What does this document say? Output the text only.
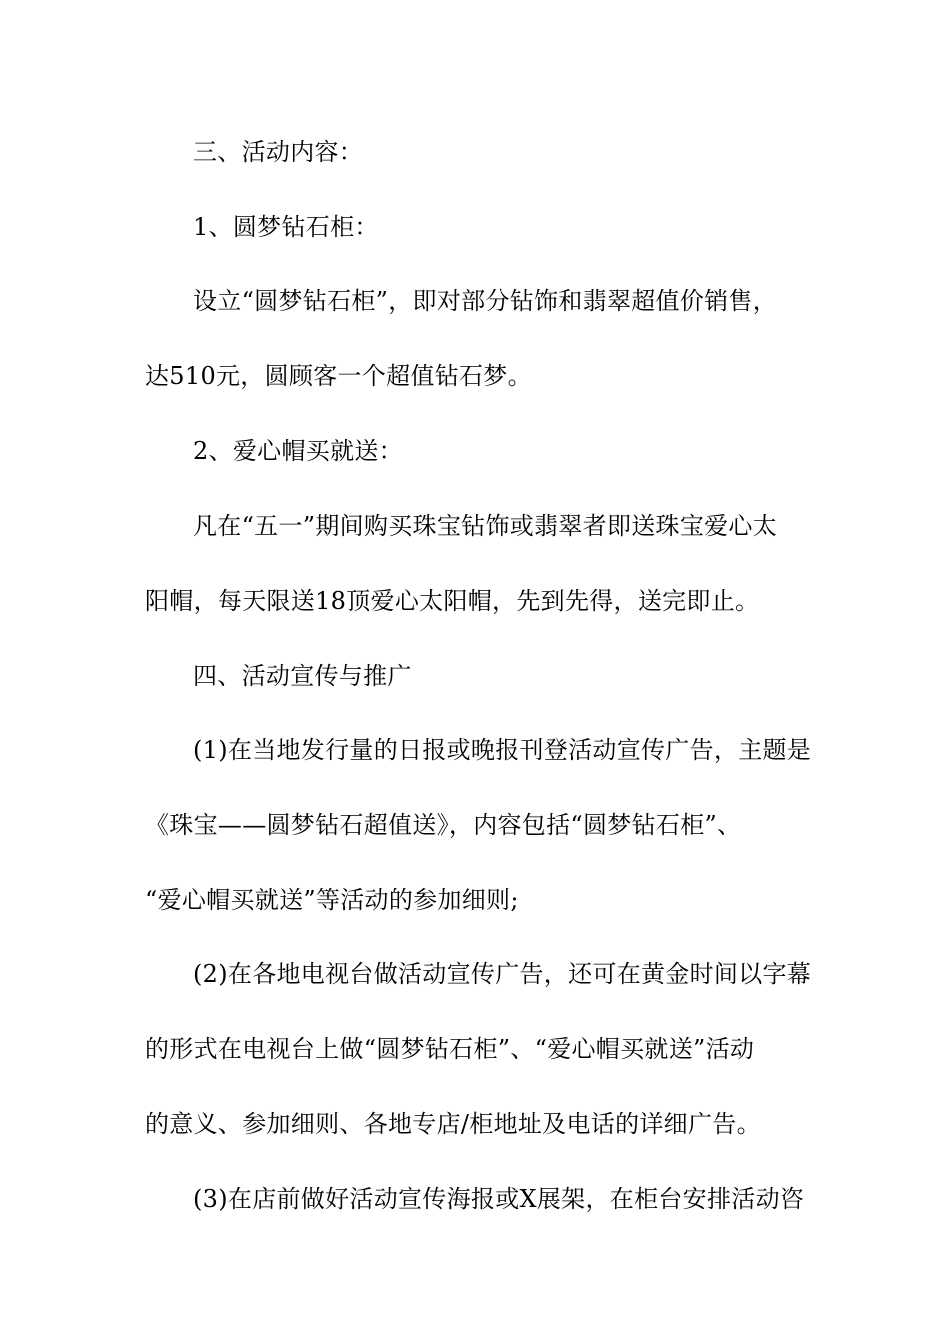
三、活动内容：
1、圆梦钻石柜：
设立“圆梦钻石柜”，即对部分钻饰和翡翠超值价销售，
达510元，圆顾客一个超值钻石梦。
2、爱心帽买就送：
凡在“五一”期间购买珠宝钻饰或翡翠者即送珠宝爱心太
阳帽，每天限送18顶爱心太阳帽，先到先得，送完即止。
四、活动宣传与推广
(1)在当地发行量的日报或晚报刊登活动宣传广告，主题是
《珠宝——圆梦钻石超值送》，内容包括“圆梦钻石柜”、
“爱心帽买就送”等活动的参加细则;
(2)在各地电视台做活动宣传广告，还可在黄金时间以字幕
的形式在电视台上做“圆梦钻石柜”、“爱心帽买就送”活动
的意义、参加细则、各地专店/柜地址及电话的详细广告。
(3)在店前做好活动宣传海报或X展架，在柜台安排活动咨
